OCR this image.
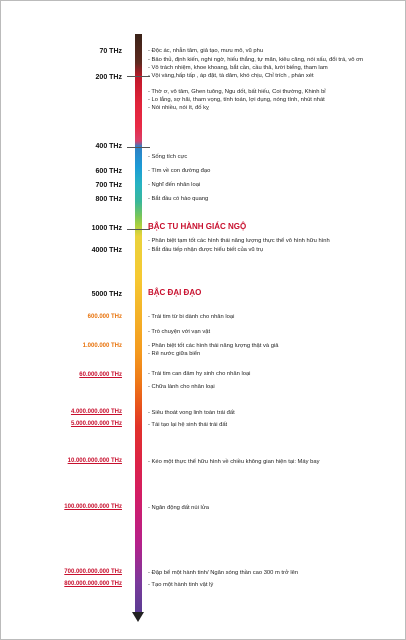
70 THz
200 THz
400 THz
600 THz
700 THz
800 THz
1000 THz
4000 THz
5000 THz
600.000 THz
1.000.000 THz
60.000.000 THz
4.000.000.000 THz
5.000.000.000 THz
10.000.000.000 THz
100.000.000.000 THz
700.000.000.000 THz
800.000.000.000 THz
BẬC TU HÀNH GIÁC NGỘ
BẬC ĐẠI ĐẠO
- Độc ác, nhẫn tâm, giả tạo, mưu mô, vũ phu
- Bảo thủ, định kiến, nghi ngờ, hiếu thắng, tự mãn, kiêu căng, nói xấu, đổi trá, vô ơn
- Vô trách nhiệm, khoe khoang, bắt cần, cầu thả, lười biếng, tham lam
- Vội vàng,hấp tấp , áp đặt, tà dâm, khó chịu, Chỉ trích , phán xét
- Thờ ơ, vô tâm, Ghen tuông, Ngu dốt, bất hiếu, Coi thường, Khinh bỉ
- Lo lắng, sợ hãi, tham vọng, tính toán, lợi dụng, nóng tính, nhút nhát
- Nói nhiều, nói ít, đố kỵ
- Sống tích cực
- Tìm về con đường đạo
- Nghĩ đến nhân loại
- Bắt đầu có hào quang
- Phân biệt tạm tốt các hình thái năng lượng thực thể vô hình hữu hình
- Bắt đầu tiếp nhận được hiểu biết của vũ trụ
- Trái tim từ bi dành cho nhân loại
- Trò chuyện với vạn vật
- Phân biệt tốt các hình thái năng lượng thật và giả
- Rẽ nước giữa biển
- Trái tim can đảm hy sinh cho nhân loại
- Chữa lành cho nhân loại
- Siêu thoát vong linh toàn trái đất
- Tái tạo lại hệ sinh thái trái đất
- Kéo một thực thể hữu hình về chiều không gian hiện tại: Máy bay
- Ngăn động đất núi lửa
- Đập bể một hành tinh/ Ngăn sóng thần cao 300 m trở lên
- Tạo một hành tinh vật lý
